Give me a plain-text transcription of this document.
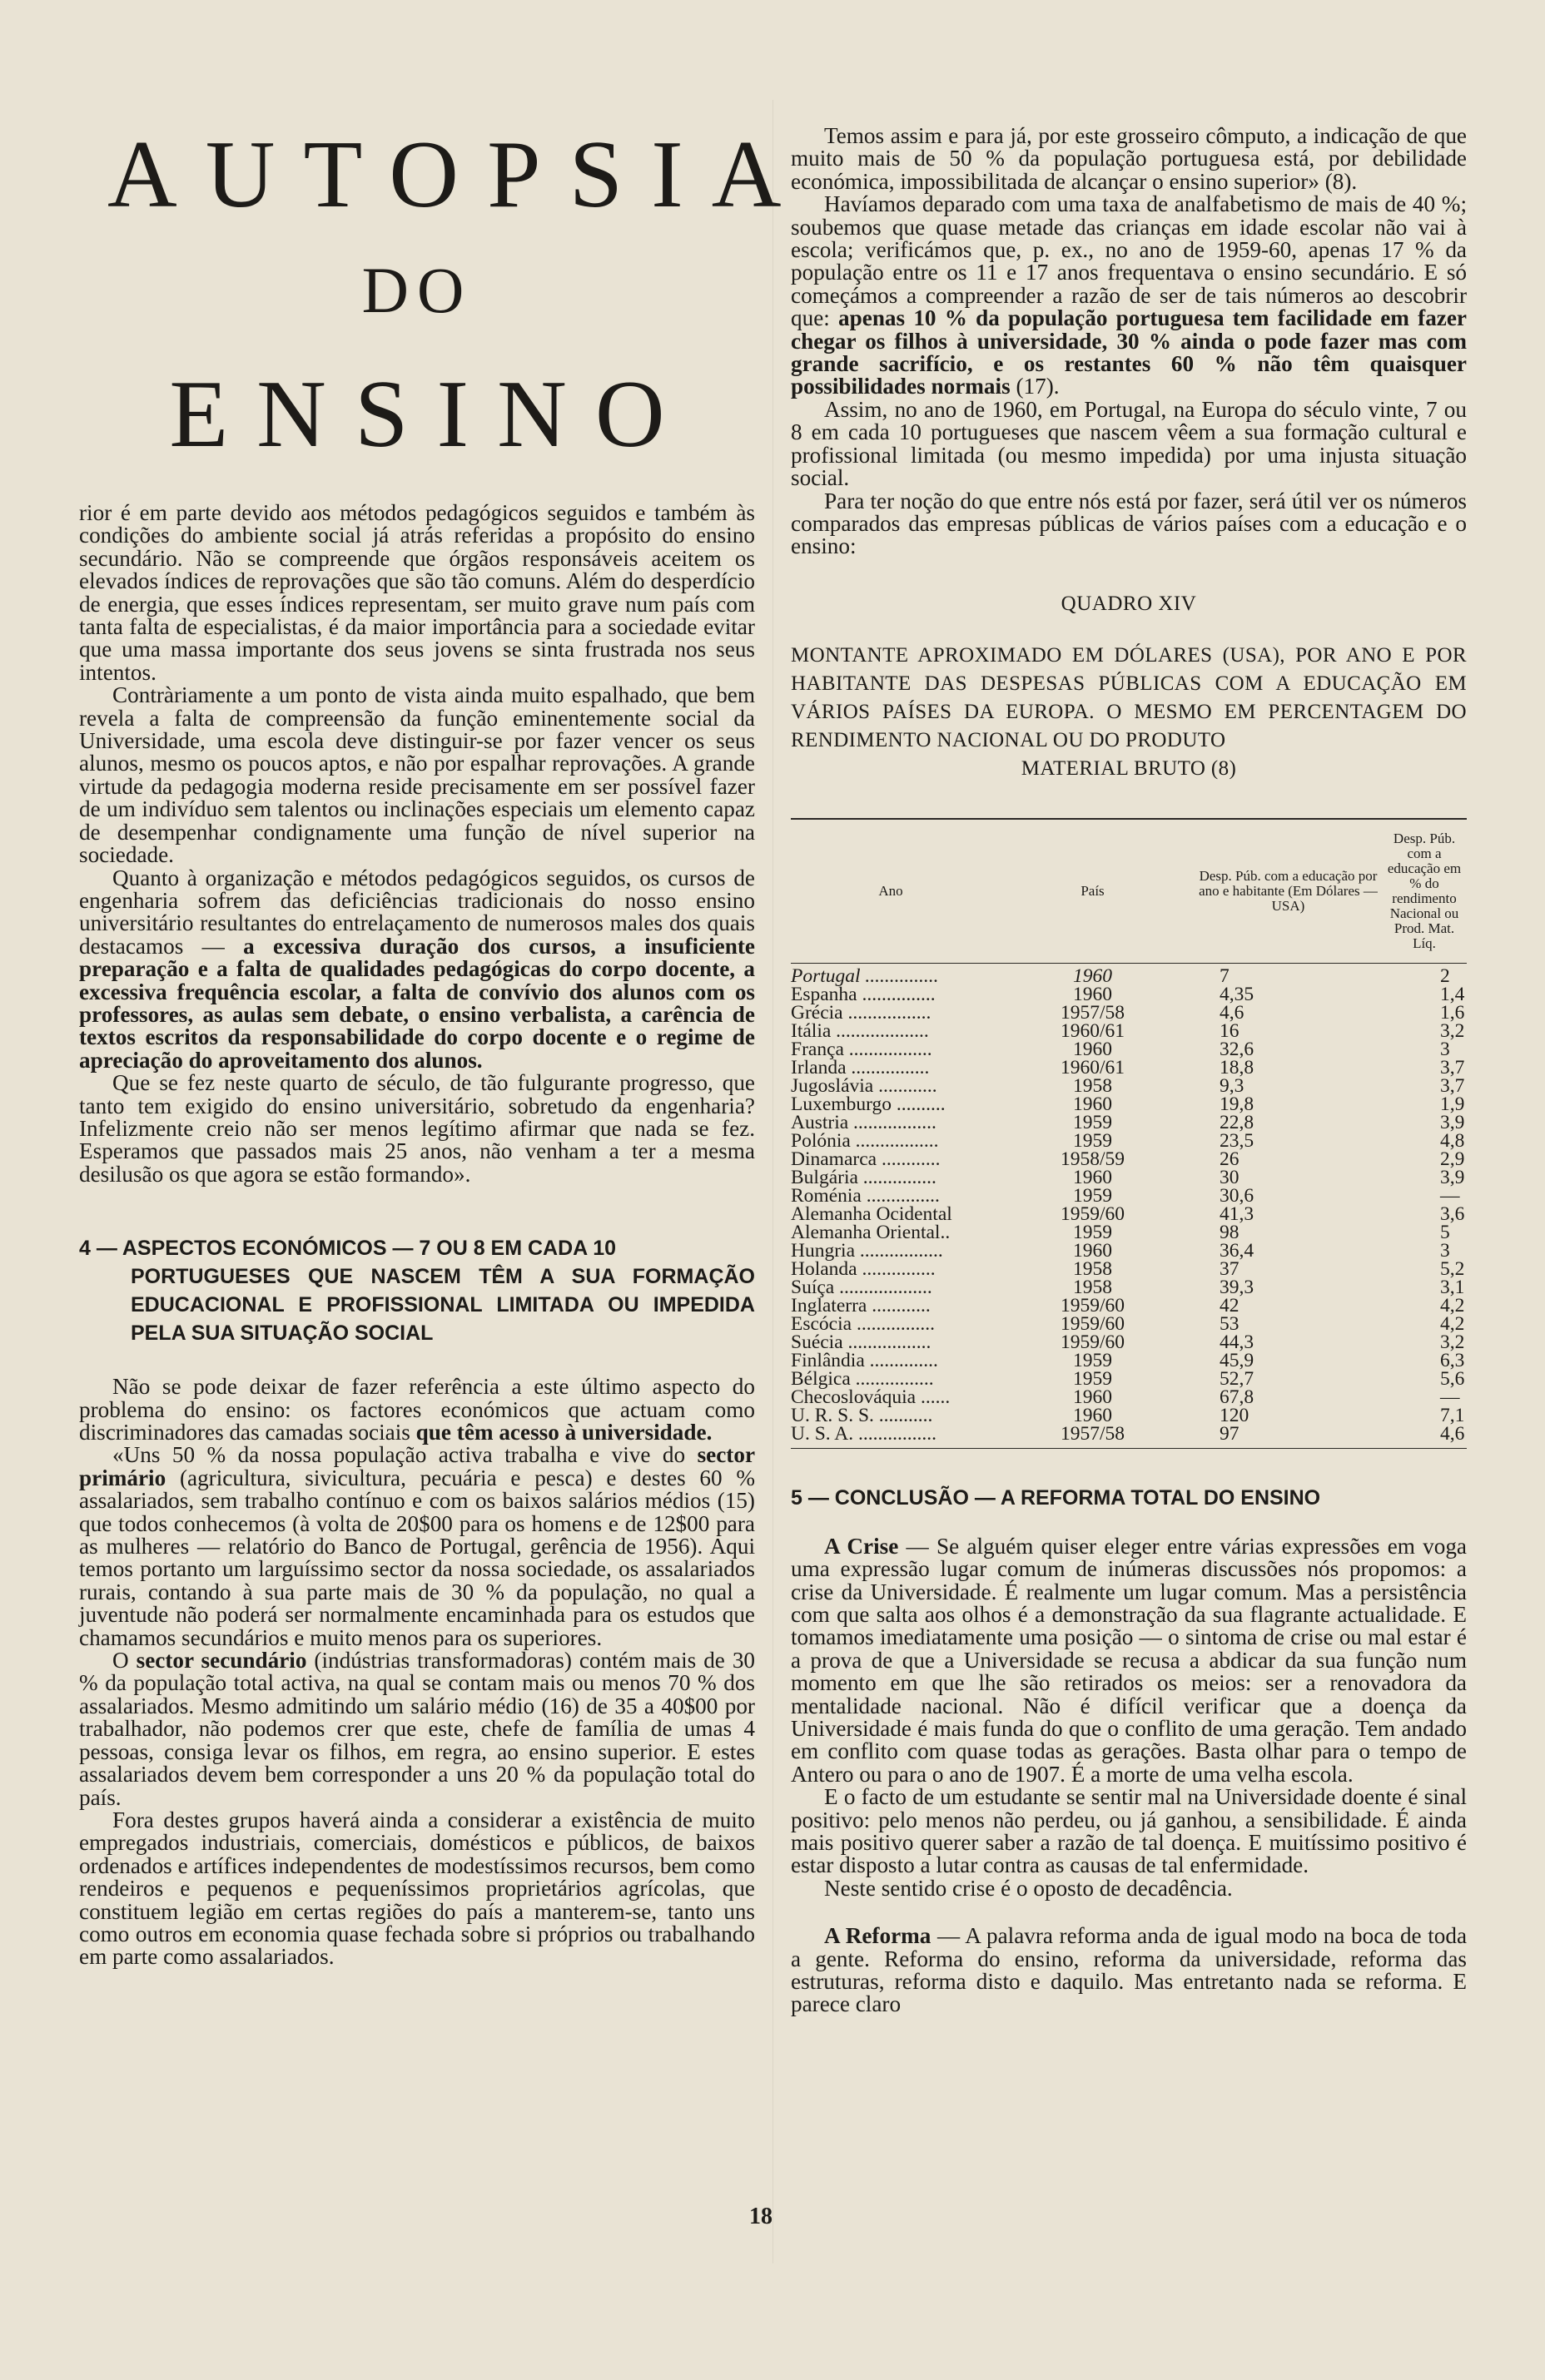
AUTOPSIA
DO
ENSINO

rior é em parte devido aos métodos pedagógicos seguidos e também às condições do ambiente social já atrás referidas a propósito do ensino secundário. Não se compreende que órgãos responsáveis aceitem os elevados índices de reprovações que são tão comuns. Além do desperdício de energia, que esses índices representam, ser muito grave num país com tanta falta de especialistas, é da maior importância para a sociedade evitar que uma massa importante dos seus jovens se sinta frustrada nos seus intentos.

Contràriamente a um ponto de vista ainda muito espalhado, que bem revela a falta de compreensão da função eminentemente social da Universidade, uma escola deve distinguir-se por fazer vencer os seus alunos, mesmo os poucos aptos, e não por espalhar reprovações. A grande virtude da pedagogia moderna reside precisamente em ser possível fazer de um indivíduo sem talentos ou inclinações especiais um elemento capaz de desempenhar condignamente uma função de nível superior na sociedade.

Quanto à organização e métodos pedagógicos seguidos, os cursos de engenharia sofrem das deficiências tradicionais do nosso ensino universitário resultantes do entrelaçamento de numerosos males dos quais destacamos — a excessiva duração dos cursos, a insuficiente preparação e a falta de qualidades pedagógicas do corpo docente, a excessiva frequência escolar, a falta de convívio dos alunos com os professores, as aulas sem debate, o ensino verbalista, a carência de textos escritos da responsabilidade do corpo docente e o regime de apreciação do aproveitamento dos alunos.

Que se fez neste quarto de século, de tão fulgurante progresso, que tanto tem exigido do ensino universitário, sobretudo da engenharia? Infelizmente creio não ser menos legítimo afirmar que nada se fez. Esperamos que passados mais 25 anos, não venham a ter a mesma desilusão os que agora se estão formando».

4 — ASPECTOS ECONÓMICOS — 7 OU 8 EM CADA 10
PORTUGUESES QUE NASCEM TÊM A SUA FORMAÇÃO EDUCACIONAL E PROFISSIONAL LIMITADA OU IMPEDIDA PELA SUA SITUAÇÃO SOCIAL

Não se pode deixar de fazer referência a este último aspecto do problema do ensino: os factores económicos que actuam como discriminadores das camadas sociais que têm acesso à universidade.

«Uns 50 % da nossa população activa trabalha e vive do sector primário (agricultura, sivicultura, pecuária e pesca) e destes 60 % assalariados, sem trabalho contínuo e com os baixos salários médios (15) que todos conhecemos (à volta de 20$00 para os homens e de 12$00 para as mulheres — relatório do Banco de Portugal, gerência de 1956). Aqui temos portanto um larguíssimo sector da nossa sociedade, os assalariados rurais, contando à sua parte mais de 30 % da população, no qual a juventude não poderá ser normalmente encaminhada para os estudos que chamamos secundários e muito menos para os superiores.

O sector secundário (indústrias transformadoras) contém mais de 30 % da população total activa, na qual se contam mais ou menos 70 % dos assalariados. Mesmo admitindo um salário médio (16) de 35 a 40$00 por trabalhador, não podemos crer que este, chefe de família de umas 4 pessoas, consiga levar os filhos, em regra, ao ensino superior. E estes assalariados devem bem corresponder a uns 20 % da população total do país.

Fora destes grupos haverá ainda a considerar a existência de muito empregados industriais, comerciais, domésticos e públicos, de baixos ordenados e artífices independentes de modestíssimos recursos, bem como rendeiros e pequenos e pequeníssimos proprietários agrícolas, que constituem legião em certas regiões do país a manterem-se, tanto uns como outros em economia quase fechada sobre si próprios ou trabalhando em parte como assalariados.

Temos assim e para já, por este grosseiro cômputo, a indicação de que muito mais de 50 % da população portuguesa está, por debilidade económica, impossibilitada de alcançar o ensino superior» (8).

Havíamos deparado com uma taxa de analfabetismo de mais de 40 %; soubemos que quase metade das crianças em idade escolar não vai à escola; verificámos que, p. ex., no ano de 1959-60, apenas 17 % da população entre os 11 e 17 anos frequentava o ensino secundário. E só começámos a compreender a razão de ser de tais números ao descobrir que: apenas 10 % da população portuguesa tem facilidade em fazer chegar os filhos à universidade, 30 % ainda o pode fazer mas com grande sacrifício, e os restantes 60 % não têm quaisquer possibilidades normais (17).

Assim, no ano de 1960, em Portugal, na Europa do século vinte, 7 ou 8 em cada 10 portugueses que nascem vêem a sua formação cultural e profissional limitada (ou mesmo impedida) por uma injusta situação social.

Para ter noção do que entre nós está por fazer, será útil ver os números comparados das empresas públicas de vários países com a educação e o ensino:

QUADRO XIV
MONTANTE APROXIMADO EM DÓLARES (USA), POR ANO E POR HABITANTE DAS DESPESAS PÚBLICAS COM A EDUCAÇÃO EM VÁRIOS PAÍSES DA EUROPA. O MESMO EM PERCENTAGEM DO RENDIMENTO NACIONAL OU DO PRODUTO
MATERIAL BRUTO (8)
Ano	País	Desp. Púb. com a educação por ano e habitante (Em Dólares — USA)	Desp. Púb. com a educação em % do rendimento Nacional ou Prod. Mat. Líq.
Portugal ...............	1960	7	2
Espanha ...............	1960	4,35	1,4
Grécia .................	1957/58	4,6	1,6
Itália ...................	1960/61	16	3,2
França .................	1960	32,6	3
Irlanda ................	1960/61	18,8	3,7
Jugoslávia ............	1958	9,3	3,7
Luxemburgo ..........	1960	19,8	1,9
Austria .................	1959	22,8	3,9
Polónia .................	1959	23,5	4,8
Dinamarca ............	1958/59	26	2,9
Bulgária ...............	1960	30	3,9
Roménia ...............	1959	30,6	—
Alemanha Ocidental	1959/60	41,3	3,6
Alemanha Oriental..	1959	98	5
Hungria .................	1960	36,4	3
Holanda ...............	1958	37	5,2
Suíça ...................	1958	39,3	3,1
Inglaterra ............	1959/60	42	4,2
Escócia ................	1959/60	53	4,2
Suécia .................	1959/60	44,3	3,2
Finlândia ..............	1959	45,9	6,3
Bélgica ................	1959	52,7	5,6
Checoslováquia ......	1960	67,8	—
U. R. S. S. ...........	1960	120	7,1
U. S. A. ................	1957/58	97	4,6
5 — CONCLUSÃO — A REFORMA TOTAL DO ENSINO

A Crise — Se alguém quiser eleger entre várias expressões em voga uma expressão lugar comum de inúmeras discussões nós propomos: a crise da Universidade. É realmente um lugar comum. Mas a persistência com que salta aos olhos é a demonstração da sua flagrante actualidade. E tomamos imediatamente uma posição — o sintoma de crise ou mal estar é a prova de que a Universidade se recusa a abdicar da sua função num momento em que lhe são retirados os meios: ser a renovadora da mentalidade nacional. Não é difícil verificar que a doença da Universidade é mais funda do que o conflito de uma geração. Tem andado em conflito com quase todas as gerações. Basta olhar para o tempo de Antero ou para o ano de 1907. É a morte de uma velha escola.

E o facto de um estudante se sentir mal na Universidade doente é sinal positivo: pelo menos não perdeu, ou já ganhou, a sensibilidade. É ainda mais positivo querer saber a razão de tal doença. E muitíssimo positivo é estar disposto a lutar contra as causas de tal enfermidade.

Neste sentido crise é o oposto de decadência.

A Reforma — A palavra reforma anda de igual modo na boca de toda a gente. Reforma do ensino, reforma da universidade, reforma das estruturas, reforma disto e daquilo. Mas entretanto nada se reforma. E parece claro

18
